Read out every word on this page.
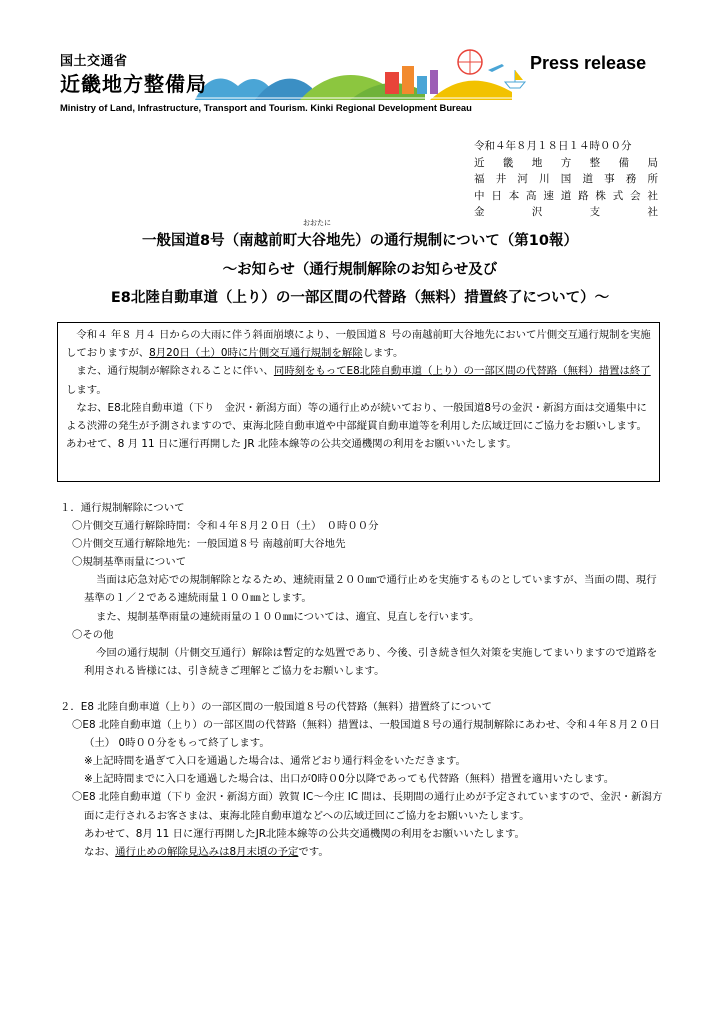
国土交通省
近畿地方整備局
Press release
Ministry of Land, Infrastructure, Transport and Tourism. Kinki Regional Development Bureau
令和４年８月１８日１４時００分
近 畿 地 方 整 備 局
福 井 河 川 国 道 事 務 所
中 日 本 高 速 道 路 株 式 会 社
金	沢	支	社
おおたに
一般国道8号（南越前町大谷地先）の通行規制について（第10報）
～お知らせ（通行規制解除のお知らせ及び
E8北陸自動車道（上り）の一部区間の代替路（無料）措置終了について）～

令和４ 年８ 月４ 日からの大雨に伴う斜面崩壊により、一般国道８ 号の南越前町大谷地先において片側交互通行規制を実施しておりますが、8月20日（土）0時に片側交互通行規制を解除します。

また、通行規制が解除されることに伴い、同時刻をもってE8北陸自動車道（上り）の一部区間の代替路（無料）措置は終了します。

なお、E8北陸自動車道（下り　金沢・新潟方面）等の通行止めが続いており、一般国道8号の金沢・新潟方面は交通集中による渋滞の発生が予測されますので、東海北陸自動車道や中部縦貫自動車道等を利用した広域迂回にご協力をお願いします。 あわせて、8 月 11 日に運行再開した JR 北陸本線等の公共交通機関の利用をお願いいたします。

１．通行規制解除について

〇片側交互通行解除時間：令和４年８月２０日（土）　０時００分

〇片側交互通行解除地先：一般国道８号 南越前町大谷地先

〇規制基準雨量について

当面は応急対応での規制解除となるため、連続雨量２００㎜で通行止めを実施するものとしていますが、当面の間、現行基準の１／２である連続雨量１００㎜とします。

また、規制基準雨量の連続雨量の１００㎜については、適宜、見直しを行います。

〇その他

今回の通行規制（片側交互通行）解除は暫定的な処置であり、今後、引き続き恒久対策を実施してまいりますので道路を利用される皆様には、引き続きご理解とご協力をお願いします。

２．E8 北陸自動車道（上り）の一部区間の一般国道８号の代替路（無料）措置終了について

〇E8 北陸自動車道（上り）の一部区間の代替路（無料）措置は、一般国道８号の通行規制解除にあわせ、令和４年８月２０日（土） 0時００分をもって終了します。

※上記時間を過ぎて入口を通過した場合は、通常どおり通行料金をいただきます。

※上記時間までに入口を通過した場合は、出口が0時０0分以降であっても代替路（無料）措置を適用いたします。

〇E8 北陸自動車道（下り 金沢・新潟方面）敦賀 IC～今庄 IC 間は、長期間の通行止めが予定されていますので、金沢・新潟方面に走行されるお客さまは、東海北陸自動車道などへの広域迂回にご協力をお願いいたします。

あわせて、8月 11 日に運行再開したJR北陸本線等の公共交通機関の利用をお願いいたします。

なお、通行止めの解除見込みは8月末頃の予定です。
